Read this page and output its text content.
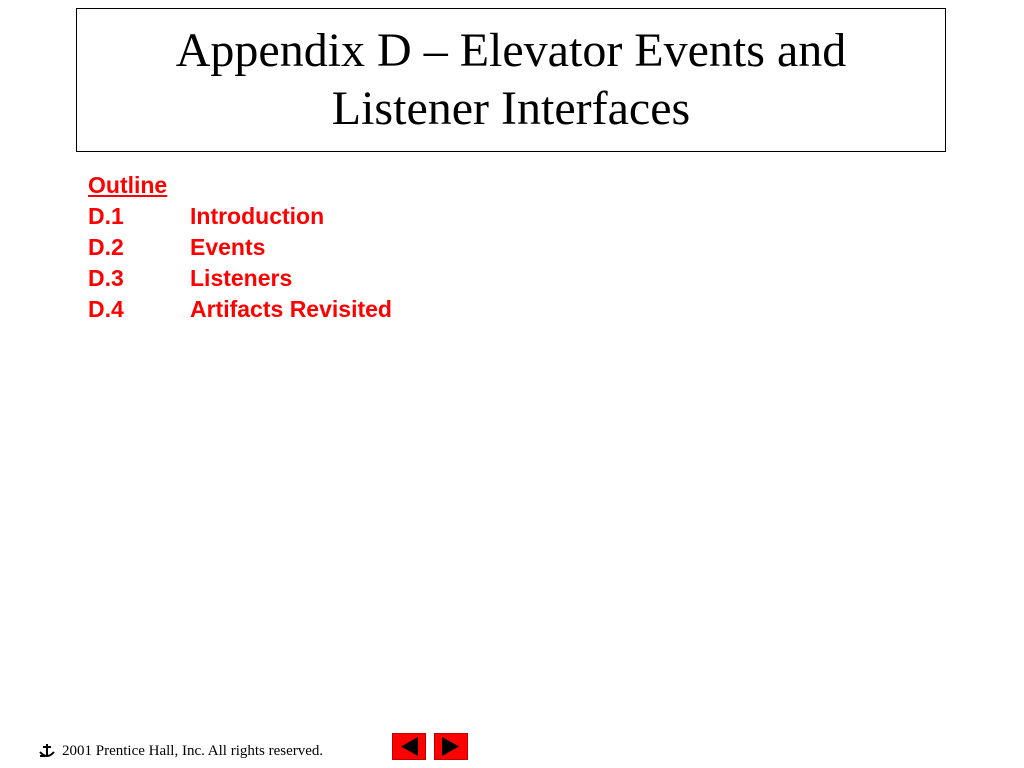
Appendix D – Elevator Events and
Listener Interfaces
Outline
D.1	Introduction
D.2	Events
D.3	Listeners
D.4	Artifacts Revisited
2001 Prentice Hall, Inc. All rights reserved.
